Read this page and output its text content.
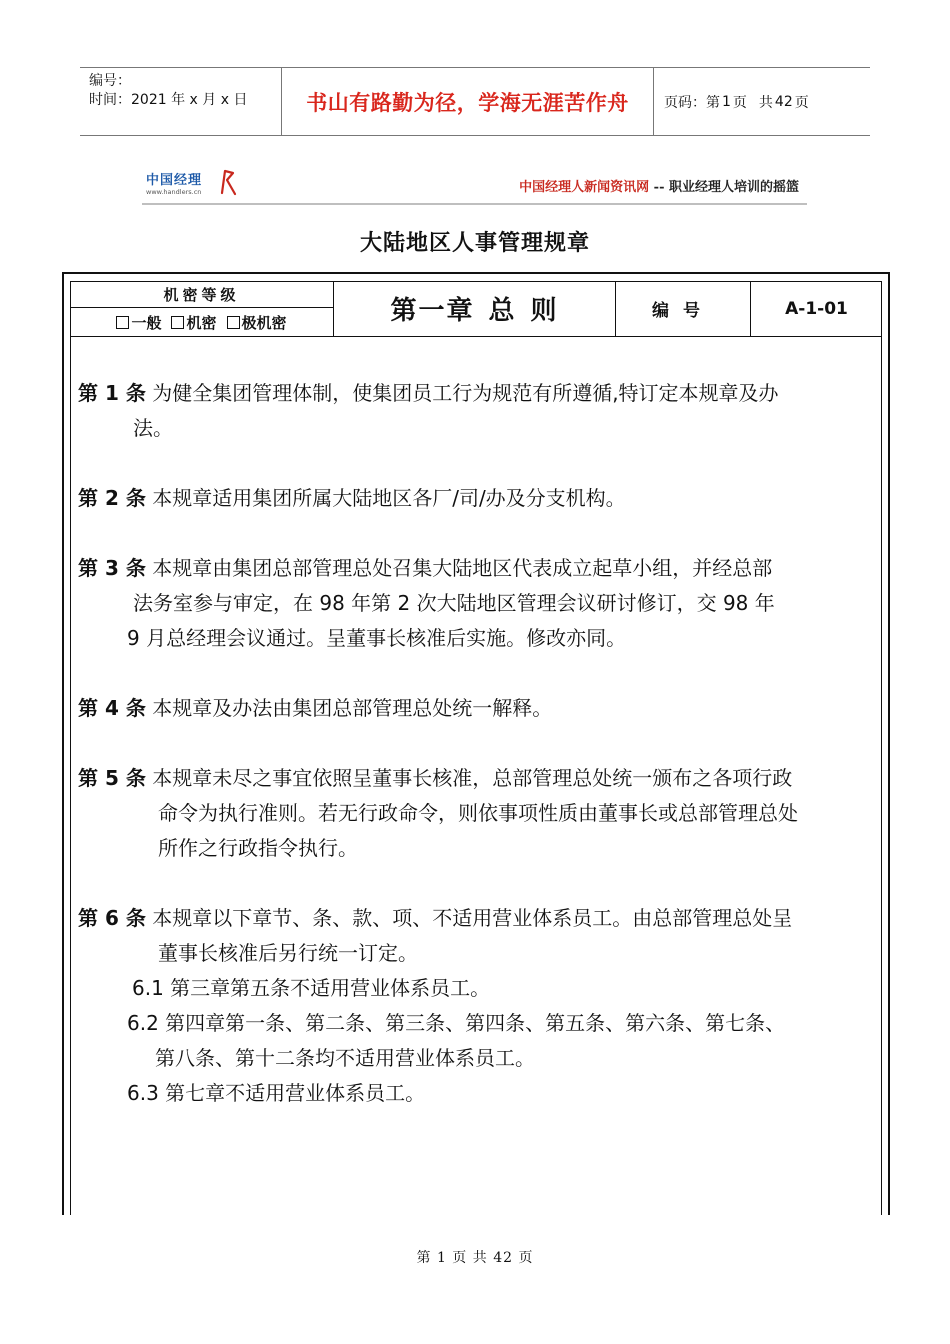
编号：
时间：2021 年 x 月 x 日	书山有路勤为径，学海无涯苦作舟	页码：第 1 页 共 42 页
中国经理
www.handlers.cn	中国经理人新闻资讯网 -- 职业经理人培训的摇篮
大陆地区人事管理规章
机密等级
一般 机密 极机密	第一章 总 则	编号	A-1-01
第 1 条 为健全集团管理体制，使集团员工行为规范有所遵循,特订定本规章及办
法。
第 2 条 本规章适用集团所属大陆地区各厂/司/办及分支机构。
第 3 条 本规章由集团总部管理总处召集大陆地区代表成立起草小组，并经总部
法务室参与审定，在 98 年第 2 次大陆地区管理会议研讨修订，交 98 年
9 月总经理会议通过。呈董事长核准后实施。修改亦同。
第 4 条 本规章及办法由集团总部管理总处统一解释。
第 5 条 本规章未尽之事宜依照呈董事长核准，总部管理总处统一颁布之各项行政
命令为执行准则。若无行政命令，则依事项性质由董事长或总部管理总处
所作之行政指令执行。
第 6 条 本规章以下章节、条、款、项、不适用营业体系员工。由总部管理总处呈
董事长核准后另行统一订定。
6.1 第三章第五条不适用营业体系员工。
6.2 第四章第一条、第二条、第三条、第四条、第五条、第六条、第七条、
第八条、第十二条均不适用营业体系员工。
6.3 第七章不适用营业体系员工。
第 1 页 共 42 页
